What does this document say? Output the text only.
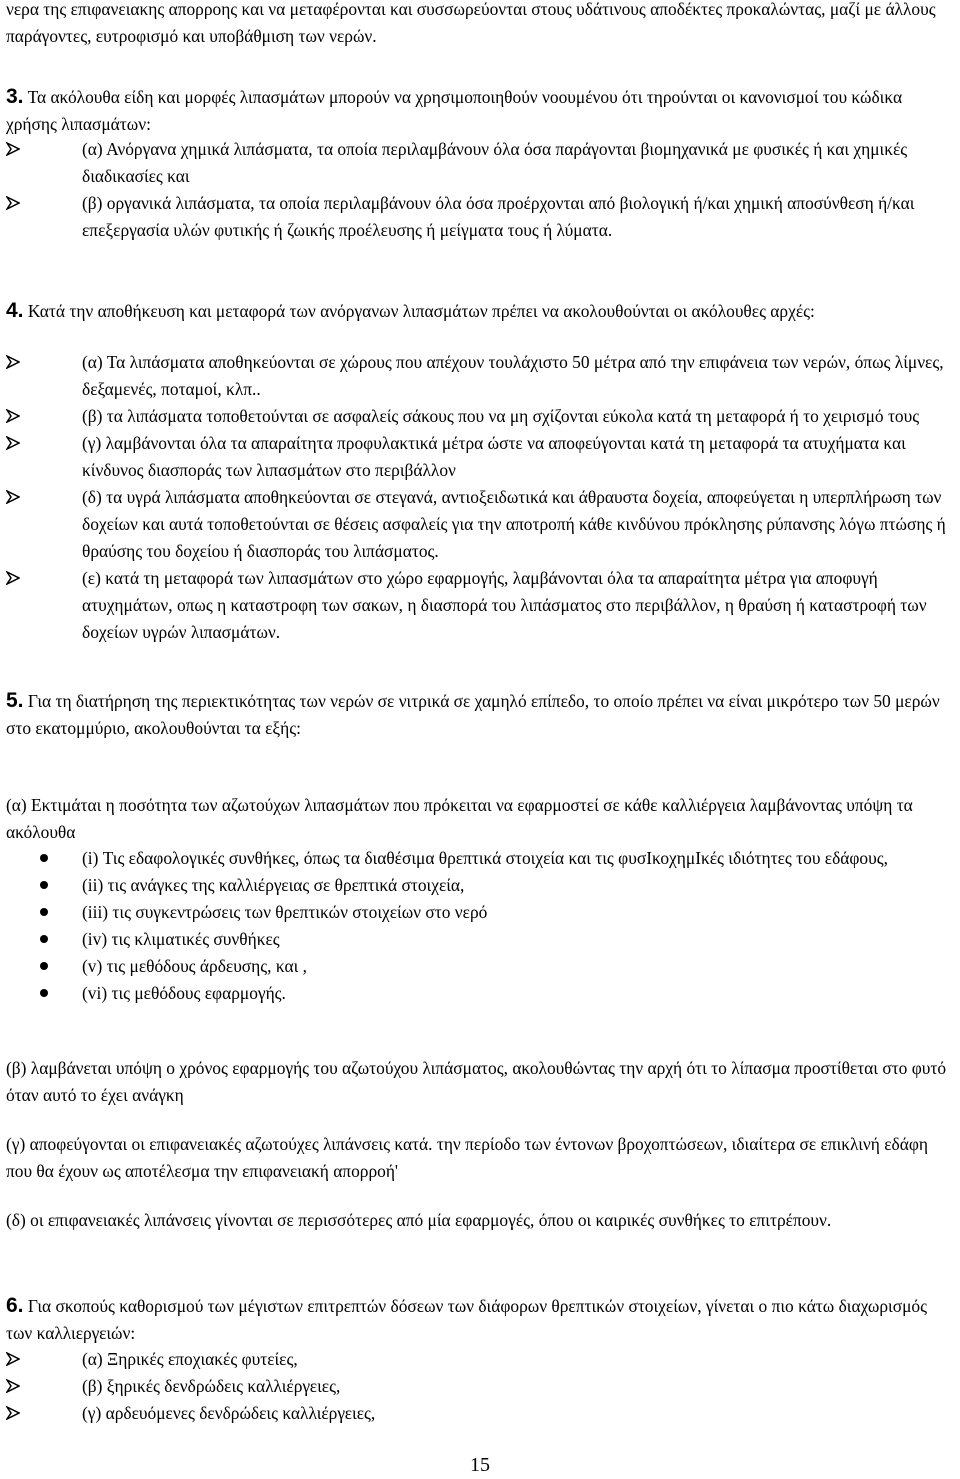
νερα της επιφανειακης απορροης και να μεταφέρονται και συσσωρεύονται στους υδάτινους αποδέκτες προκαλώντας, μαζί με άλλους παράγοντες, ευτροφισμό και υποβάθμιση των νερών.

3. Τα ακόλουθα είδη και μορφές λιπασμάτων μπορούν να χρησιμοποιηθούν νοουμένου ότι τηρούνται οι κανονισμοί του κώδικα χρήσης λιπασμάτων:

(α) Ανόργανα χημικά λιπάσματα, τα οποία περιλαμβάνουν όλα όσα παράγονται βιομηχανικά με φυσικές ή και χημικές διαδικασίες και
(β) οργανικά λιπάσματα, τα οποία περιλαμβάνουν όλα όσα προέρχονται από βιολογική ή/και χημική αποσύνθεση ή/και επεξεργασία υλών φυτικής ή ζωικής προέλευσης ή μείγματα τους ή λύματα.

4. Κατά την αποθήκευση και μεταφορά των ανόργανων λιπασμάτων πρέπει να ακολουθούνται οι ακόλουθες αρχές:

(α) Τα λιπάσματα αποθηκεύονται σε χώρους που απέχουν τουλάχιστο 50 μέτρα από την επιφάνεια των νερών, όπως λίμνες, δεξαμενές, ποταμοί, κλπ..
(β) τα λιπάσματα τοποθετούνται σε ασφαλείς σάκους που να μη σχίζονται εύκολα κατά τη μεταφορά ή το χειρισμό τους
(γ) λαμβάνονται όλα τα απαραίτητα προφυλακτικά μέτρα ώστε να αποφεύγονται κατά τη μεταφορά τα ατυχήματα και κίνδυνος διασποράς των λιπασμάτων στο περιβάλλον
(δ) τα υγρά λιπάσματα αποθηκεύονται σε στεγανά, αντιοξειδωτικά και άθραυστα δοχεία, αποφεύγεται η υπερπλήρωση των δοχείων και αυτά τοποθετούνται σε θέσεις ασφαλείς για την αποτροπή κάθε κινδύνου πρόκλησης ρύπανσης λόγω πτώσης ή θραύσης του δοχείου ή διασποράς του λιπάσματος.
(ε) κατά τη μεταφορά των λιπασμάτων στο χώρο εφαρμογής, λαμβάνονται όλα τα απαραίτητα μέτρα για αποφυγή ατυχημάτων, οπως η καταστροφη των σακων, η διασπορά του λιπάσματος στο περιβάλλον, η θραύση ή καταστροφή των δοχείων υγρών λιπασμάτων.

5. Για τη διατήρηση της περιεκτικότητας των νερών σε νιτρικά σε χαμηλό επίπεδο, το οποίο πρέπει να είναι μικρότερο των 50 μερών στο εκατομμύριο, ακολουθούνται τα εξής:

(α) Εκτιμάται η ποσότητα των αζωτούχων λιπασμάτων που πρόκειται να εφαρμοστεί σε κάθε καλλιέργεια λαμβάνοντας υπόψη τα ακόλουθα

(i) Τις εδαφολογικές συνθήκες, όπως τα διαθέσιμα θρεπτικά στοιχεία και τις φυσΙκοχημΙκές ιδιότητες του εδάφους,
(ii) τις ανάγκες της καλλιέργειας σε θρεπτικά στοιχεία,
(iii) τις συγκεντρώσεις των θρεπτικών στοιχείων στο νερό
(iv) τις κλιματικές συνθήκες
(v) τις μεθόδους άρδευσης, και ,
(vi) τις μεθόδους εφαρμογής.

(β) λαμβάνεται υπόψη ο χρόνος εφαρμογής του αζωτούχου λιπάσματος, ακολουθώντας την αρχή ότι το λίπασμα προστίθεται στο φυτό όταν αυτό το έχει ανάγκη

(γ) αποφεύγονται οι επιφανειακές αζωτούχες λιπάνσεις κατά. την περίοδο των έντονων βροχοπτώσεων, ιδιαίτερα σε επικλινή εδάφη που θα έχουν ως αποτέλεσμα την επιφανειακή απορροή'

(δ) οι επιφανειακές λιπάνσεις γίνονται σε περισσότερες από μία εφαρμογές, όπου οι καιρικές συνθήκες το επιτρέπουν.

6. Για σκοπούς καθορισμού των μέγιστων επιτρεπτών δόσεων των διάφορων θρεπτικών στοιχείων, γίνεται ο πιο κάτω διαχωρισμός των καλλιεργειών:

(α) Ξηρικές εποχιακές φυτείες,
(β) ξηρικές δενδρώδεις καλλιέργειες,
(γ) αρδευόμενες δενδρώδεις καλλιέργειες,
15
